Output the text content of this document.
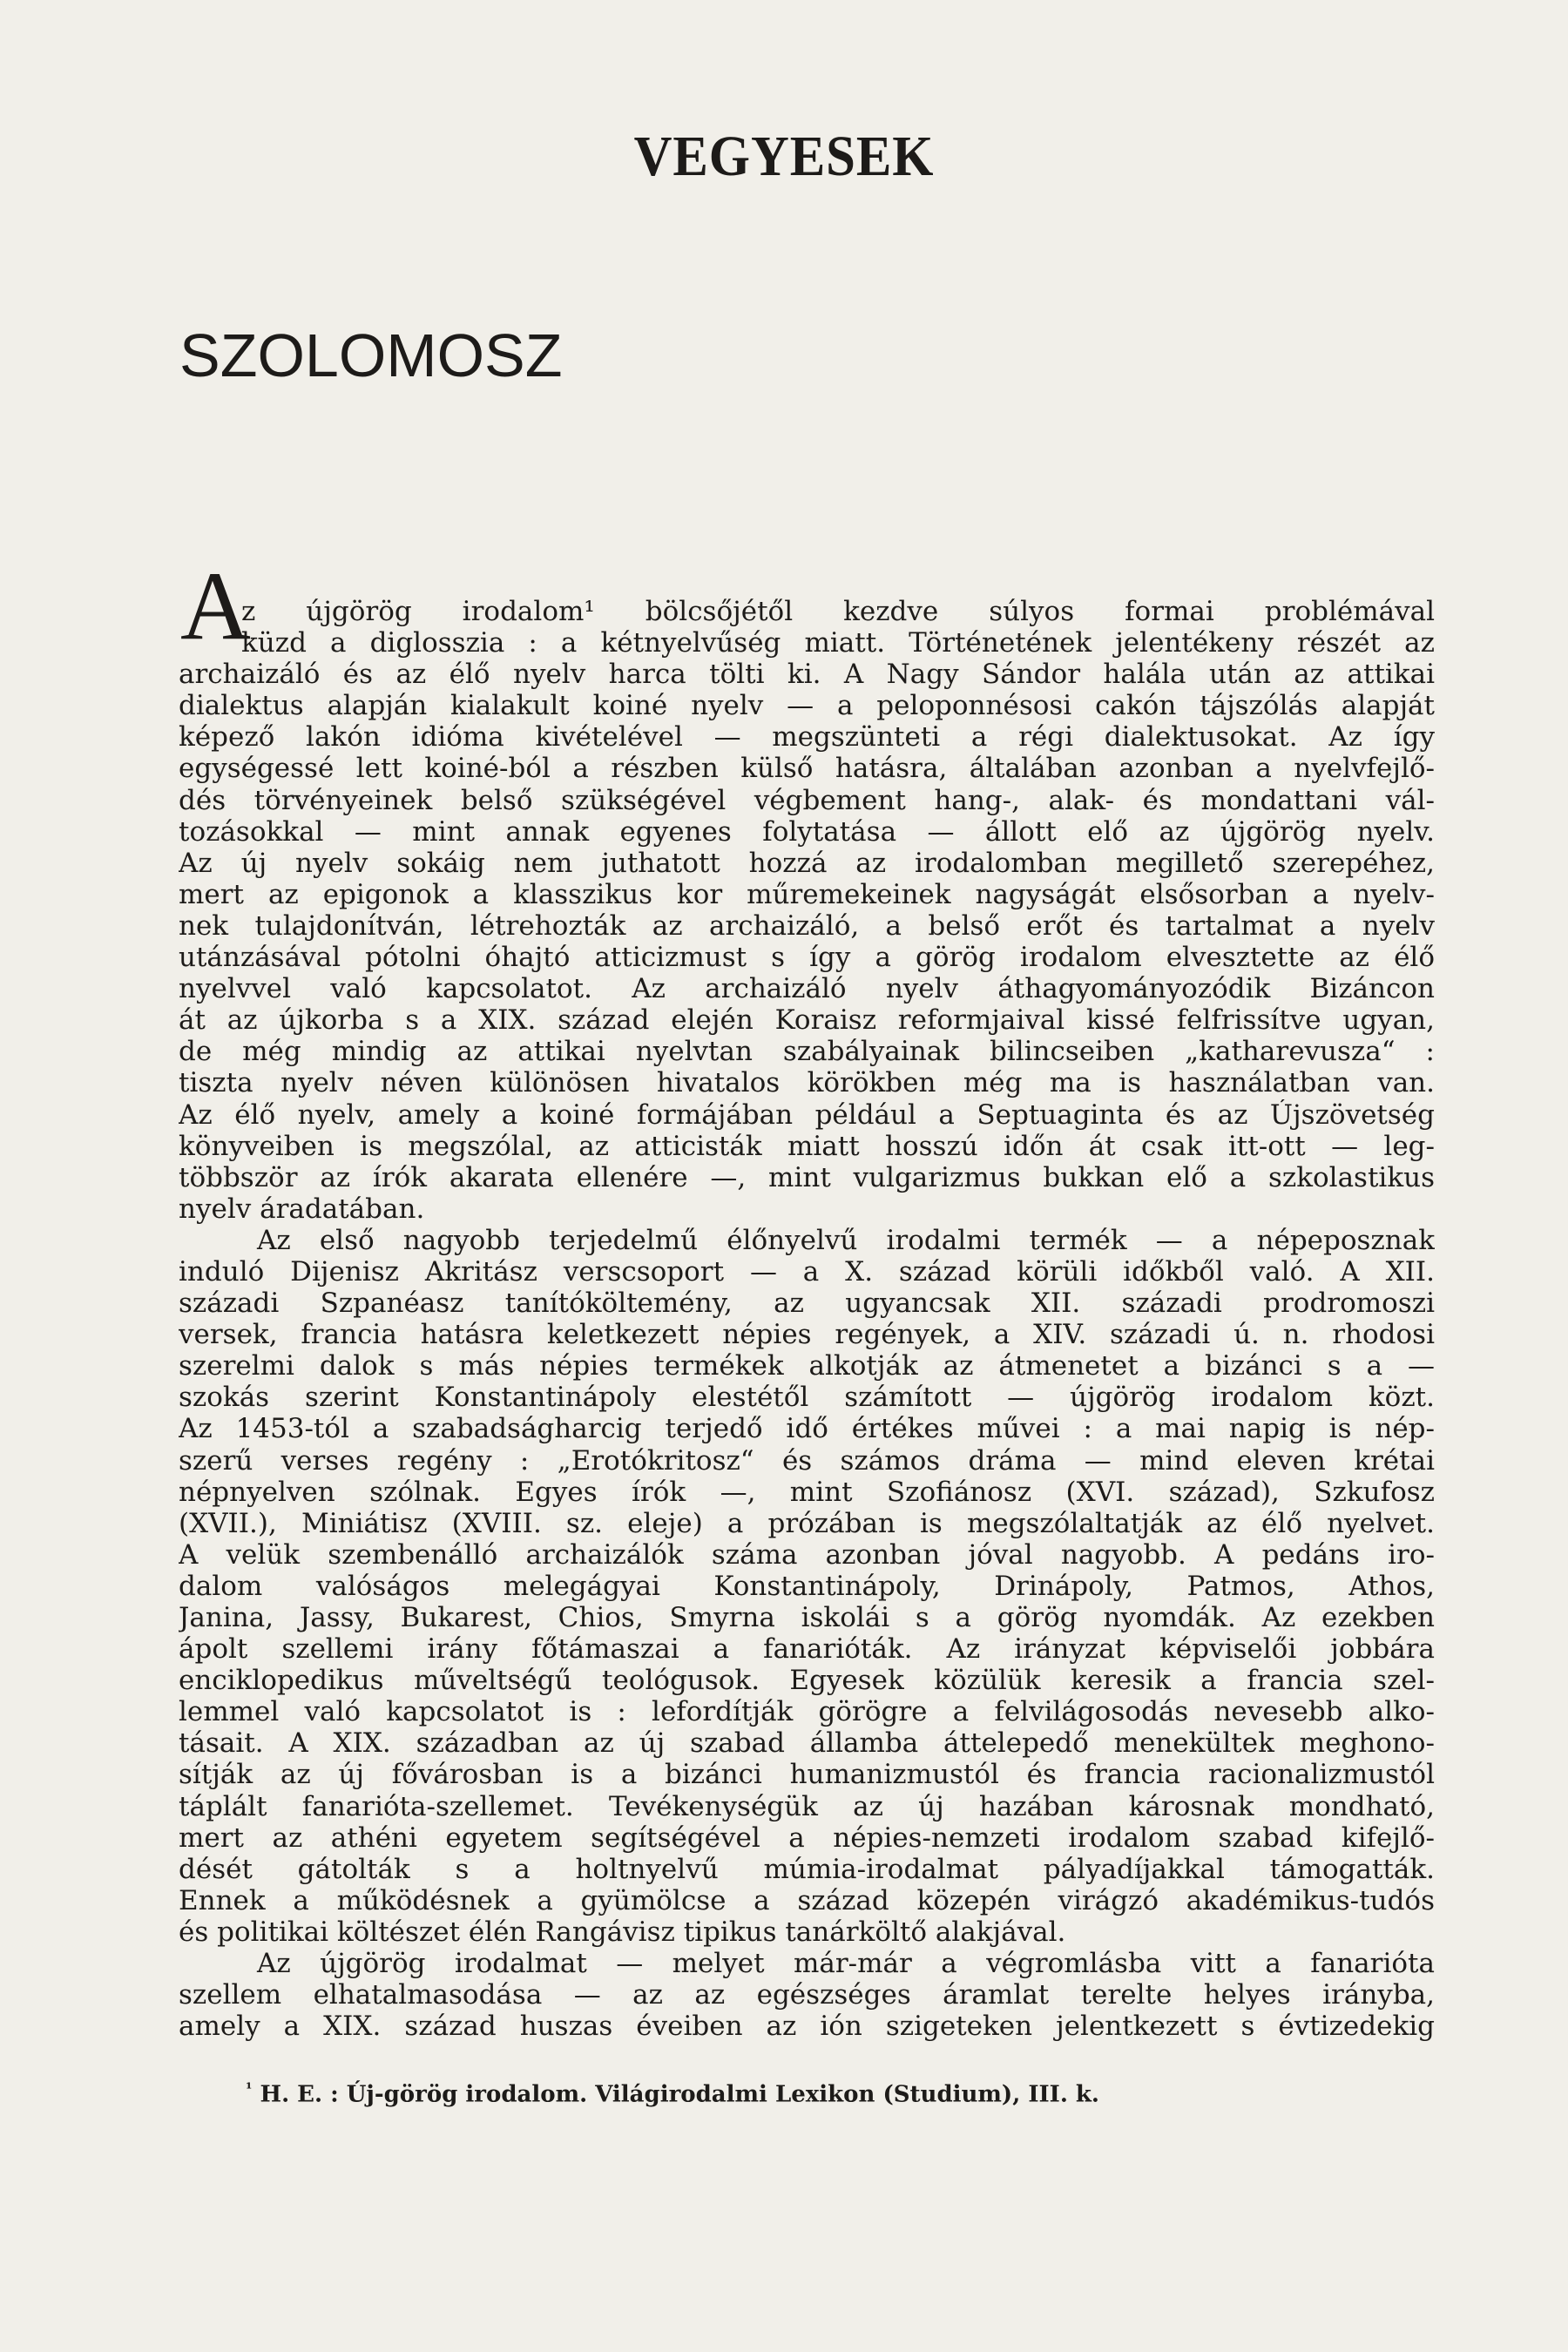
VEGYESEK
SZOLOMOSZ
A
z újgörög irodalom¹ bölcsőjétől kezdve súlyos formai problémával
küzd a diglosszia : a kétnyelvűség miatt. Történetének jelentékeny részét az
archaizáló és az élő nyelv harca tölti ki. A Nagy Sándor halála után az attikai
dialektus alapján kialakult koiné nyelv — a peloponnésosi cakón tájszólás alapját
képező lakón idióma kivételével — megszünteti a régi dialektusokat. Az így
egységessé lett koiné-ból a részben külső hatásra, általában azonban a nyelvfejlő-
dés törvényeinek belső szükségével végbement hang-, alak- és mondattani vál-
tozásokkal — mint annak egyenes folytatása — állott elő az újgörög nyelv.
Az új nyelv sokáig nem juthatott hozzá az irodalomban megillető szerepéhez,
mert az epigonok a klasszikus kor műremekeinek nagyságát elsősorban a nyelv-
nek tulajdonítván, létrehozták az archaizáló, a belső erőt és tartalmat a nyelv
utánzásával pótolni óhajtó atticizmust s így a görög irodalom elvesztette az élő
nyelvvel való kapcsolatot. Az archaizáló nyelv áthagyományozódik Bizáncon
át az újkorba s a XIX. század elején Koraisz reformjaival kissé felfrissítve ugyan,
de még mindig az attikai nyelvtan szabályainak bilincseiben „katharevusza“ :
tiszta nyelv néven különösen hivatalos körökben még ma is használatban van.
Az élő nyelv, amely a koiné formájában például a Septuaginta és az Újszövetség
könyveiben is megszólal, az atticisták miatt hosszú időn át csak itt-ott — leg-
többször az írók akarata ellenére —, mint vulgarizmus bukkan elő a szkolastikus
nyelv áradatában.
Az első nagyobb terjedelmű élőnyelvű irodalmi termék — a népeposznak
induló Dijenisz Akritász verscsoport — a X. század körüli időkből való. A XII.
századi Szpanéasz tanítóköltemény, az ugyancsak XII. századi prodromoszi
versek, francia hatásra keletkezett népies regények, a XIV. századi ú. n. rhodosi
szerelmi dalok s más népies termékek alkotják az átmenetet a bizánci s a —
szokás szerint Konstantinápoly elestétől számított — újgörög irodalom közt.
Az 1453-tól a szabadságharcig terjedő idő értékes művei : a mai napig is nép-
szerű verses regény : „Erotókritosz“ és számos dráma — mind eleven krétai
népnyelven szólnak. Egyes írók —, mint Szofiánosz (XVI. század), Szkufosz
(XVII.), Miniátisz (XVIII. sz. eleje) a prózában is megszólaltatják az élő nyelvet.
A velük szembenálló archaizálók száma azonban jóval nagyobb. A pedáns iro-
dalom valóságos melegágyai Konstantinápoly, Drinápoly, Patmos, Athos,
Janina, Jassy, Bukarest, Chios, Smyrna iskolái s a görög nyomdák. Az ezekben
ápolt szellemi irány főtámaszai a fanarióták. Az irányzat képviselői jobbára
enciklopedikus műveltségű teológusok. Egyesek közülük keresik a francia szel-
lemmel való kapcsolatot is : lefordítják görögre a felvilágosodás nevesebb alko-
tásait. A XIX. században az új szabad államba áttelepedő menekültek meghono-
sítják az új fővárosban is a bizánci humanizmustól és francia racionalizmustól
táplált fanarióta-szellemet. Tevékenységük az új hazában károsnak mondható,
mert az athéni egyetem segítségével a népies-nemzeti irodalom szabad kifejlő-
dését gátolták s a holtnyelvű múmia-irodalmat pályadíjakkal támogatták.
Ennek a működésnek a gyümölcse a század közepén virágzó akadémikus-tudós
és politikai költészet élén Rangávisz tipikus tanárköltő alakjával.
Az újgörög irodalmat — melyet már-már a végromlásba vitt a fanarióta
szellem elhatalmasodása — az az egészséges áramlat terelte helyes irányba,
amely a XIX. század huszas éveiben az ión szigeteken jelentkezett s évtizedekig
$^{^1}$ H. E. : Új-görög irodalom. Világirodalmi Lexikon (Studium), III. k.
